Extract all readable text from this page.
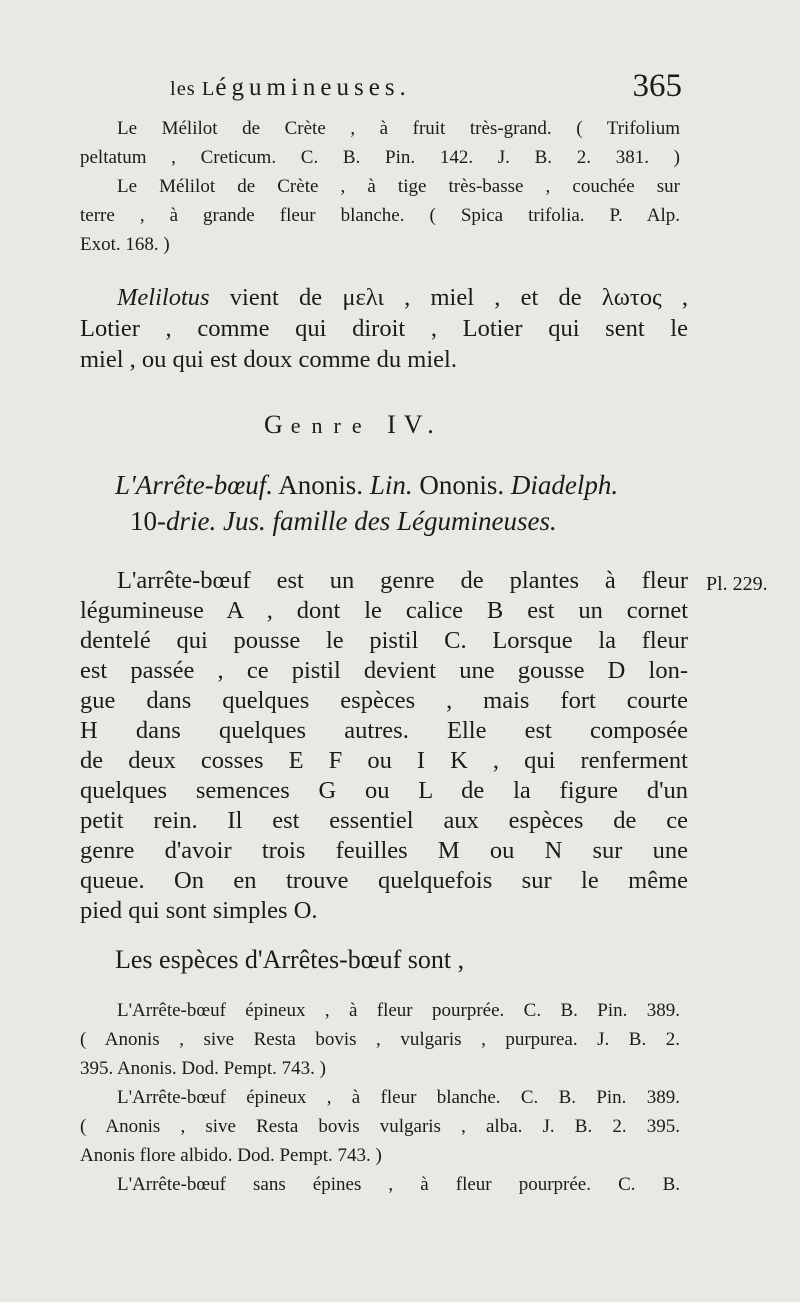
les Légumineuses.	365
Le Mélilot de Crète , à fruit très-grand. ( Trifolium
peltatum , Creticum. C. B. Pin. 142. J. B. 2. 381. )
Le Mélilot de Crète , à tige très-basse , couchée sur
terre , à grande fleur blanche. ( Spica trifolia. P. Alp.
Exot. 168. )
Melilotus vient de μελι , miel , et de λωτος ,
Lotier , comme qui diroit , Lotier qui sent le
miel , ou qui est doux comme du miel.
Genre IV.
L'Arrête-bœuf. Anonis. Lin. Ononis. Diadelph.
10-drie. Jus. famille des Légumineuses.
Pl. 229.
L'arrête-bœuf est un genre de plantes à fleur
légumineuse A , dont le calice B est un cornet
dentelé qui pousse le pistil C. Lorsque la fleur
est passée , ce pistil devient une gousse D lon-
gue dans quelques espèces , mais fort courte
H dans quelques autres. Elle est composée
de deux cosses E F ou I K , qui renferment
quelques semences G ou L de la figure d'un
petit rein. Il est essentiel aux espèces de ce
genre d'avoir trois feuilles M ou N sur une
queue. On en trouve quelquefois sur le même
pied qui sont simples O.
Les espèces d'Arrêtes-bœuf sont ,
L'Arrête-bœuf épineux , à fleur pourprée. C. B. Pin. 389.
( Anonis , sive Resta bovis , vulgaris , purpurea. J. B. 2.
395. Anonis. Dod. Pempt. 743. )
L'Arrête-bœuf épineux , à fleur blanche. C. B. Pin. 389.
( Anonis , sive Resta bovis vulgaris , alba. J. B. 2. 395.
Anonis flore albido. Dod. Pempt. 743. )
L'Arrête-bœuf sans épines , à fleur pourprée. C. B.
